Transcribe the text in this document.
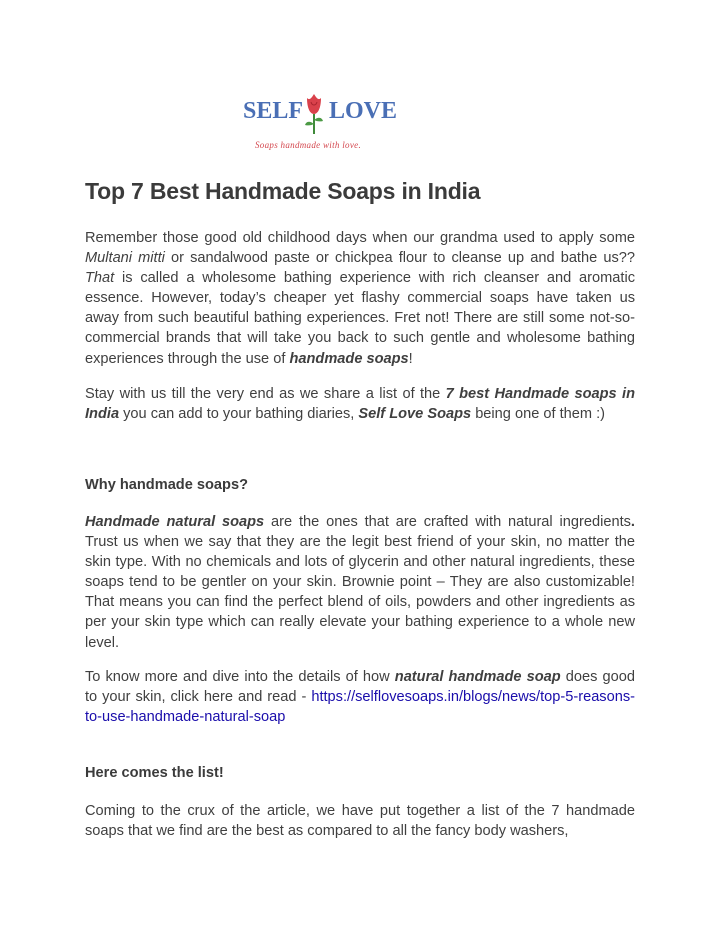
SELF LOVE
Soaps handmade with love.
Top 7 Best Handmade Soaps in India

Remember those good old childhood days when our grandma used to apply some Multani mitti or sandalwood paste or chickpea flour to cleanse up and bathe us?? That is called a wholesome bathing experience with rich cleanser and aromatic essence. However, today’s cheaper yet flashy commercial soaps have taken us away from such beautiful bathing experiences. Fret not! There are still some not-so-commercial brands that will take you back to such gentle and wholesome bathing experiences through the use of handmade soaps!

Stay with us till the very end as we share a list of the 7 best Handmade soaps in India you can add to your bathing diaries, Self Love Soaps being one of them :)

Why handmade soaps?

Handmade natural soaps are the ones that are crafted with natural ingredients. Trust us when we say that they are the legit best friend of your skin, no matter the skin type. With no chemicals and lots of glycerin and other natural ingredients, these soaps tend to be gentler on your skin. Brownie point – They are also customizable! That means you can find the perfect blend of oils, powders and other ingredients as per your skin type which can really elevate your bathing experience to a whole new level.

To know more and dive into the details of how natural handmade soap does good to your skin, click here and read - https://selflovesoaps.in/blogs/news/top-5-reasons-to-use-handmade-natural-soap

Here comes the list!

Coming to the crux of the article, we have put together a list of the 7 handmade soaps that we find are the best as compared to all the fancy body washers,
